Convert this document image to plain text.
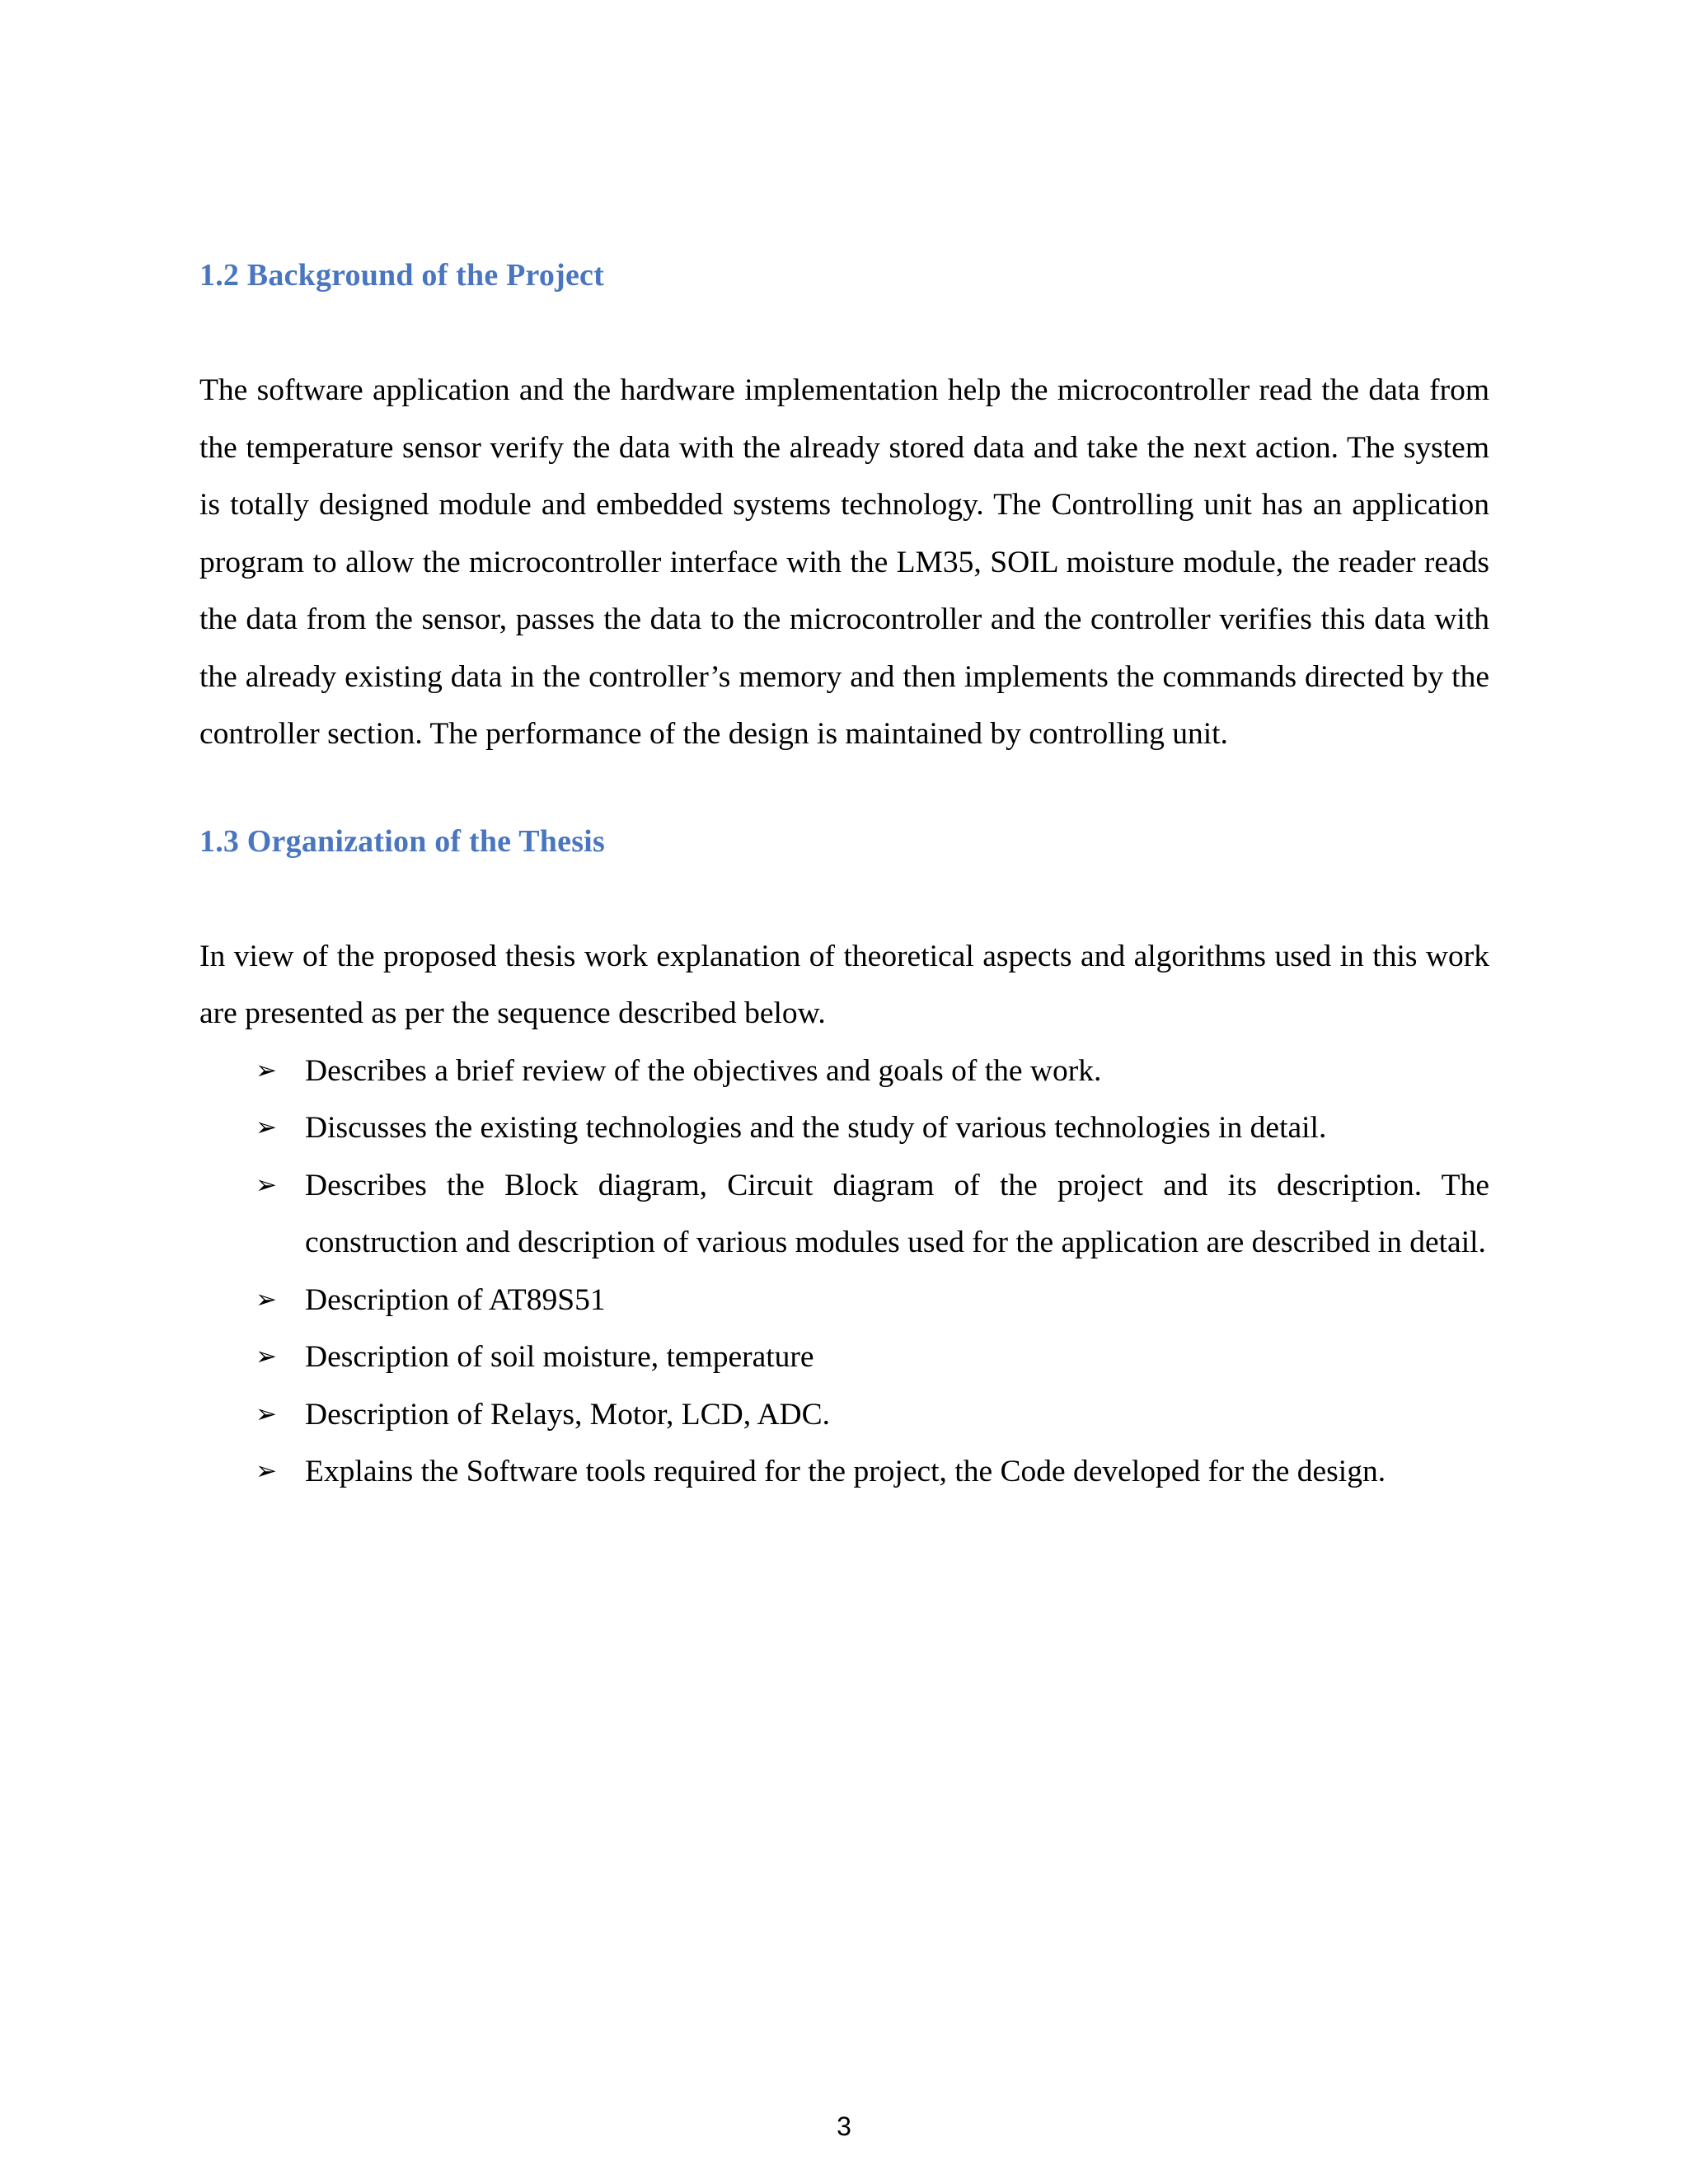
1.2 Background of the Project

The software application and the hardware implementation help the microcontroller read the data from the temperature sensor verify the data with the already stored data and take the next action. The system is totally designed module and embedded systems technology. The Controlling unit has an application program to allow the microcontroller interface with the LM35, SOIL moisture module, the reader reads the data from the sensor, passes the data to the microcontroller and the controller verifies this data with the already existing data in the controller’s memory and then implements the commands directed by the controller section. The performance of the design is maintained by controlling unit.

1.3 Organization of the Thesis

In view of the proposed thesis work explanation of theoretical aspects and algorithms used in this work are presented as per the sequence described below.

➢ Describes a brief review of the objectives and goals of the work.
➢ Discusses the existing technologies and the study of various technologies in detail.
➢ Describes the Block diagram, Circuit diagram of the project and its description. The construction and description of various modules used for the application are described in detail.
➢ Description of AT89S51
➢ Description of soil moisture, temperature
➢ Description of Relays, Motor, LCD, ADC.
➢ Explains the Software tools required for the project, the Code developed for the design.
3
